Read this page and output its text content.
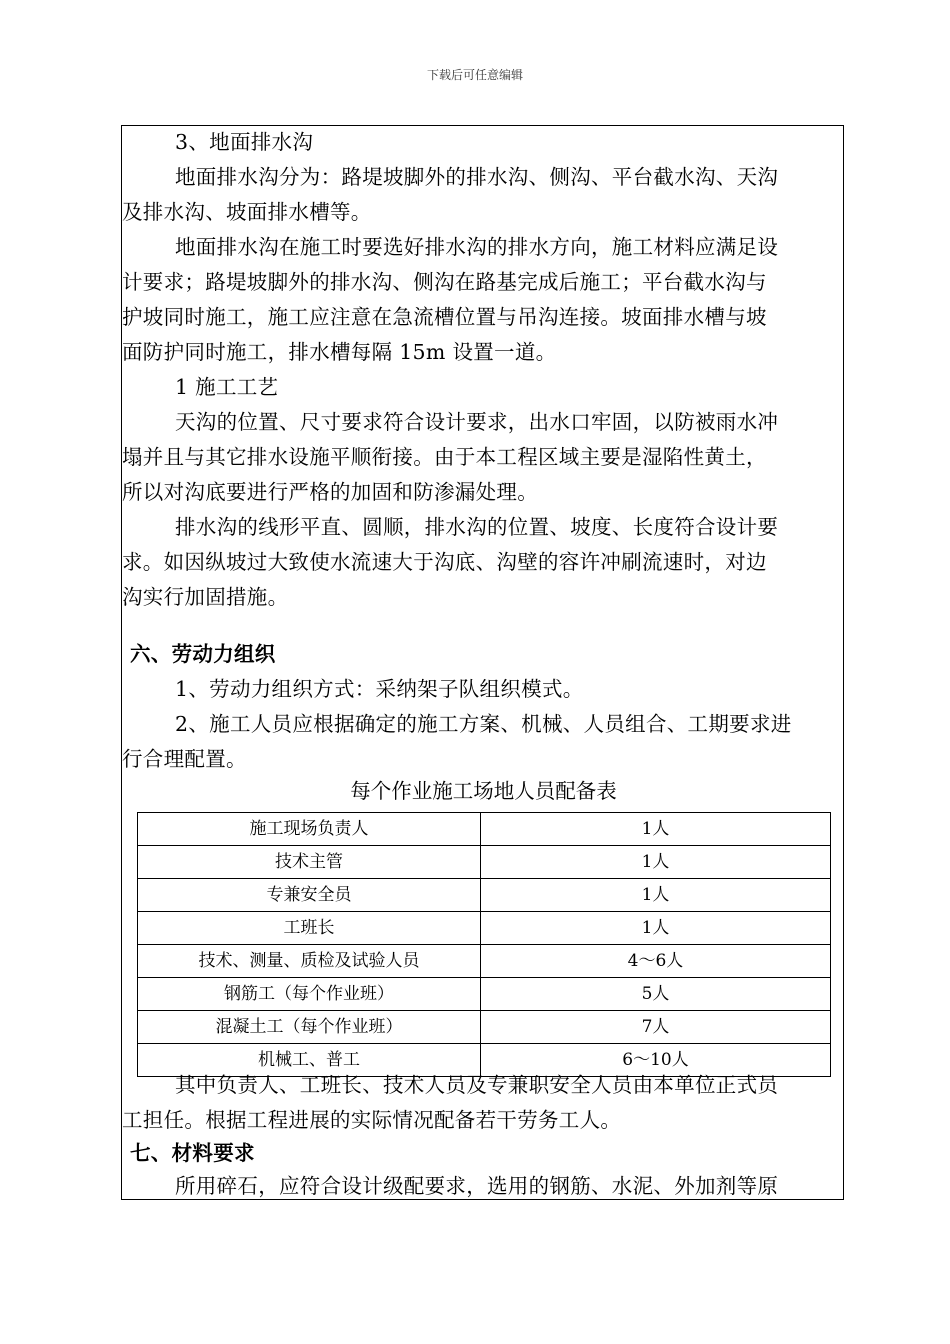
下载后可任意编辑
3、地面排水沟
地面排水沟分为：路堤坡脚外的排水沟、侧沟、平台截水沟、天沟
及排水沟、坡面排水槽等。
地面排水沟在施工时要选好排水沟的排水方向，施工材料应满足设
计要求；路堤坡脚外的排水沟、侧沟在路基完成后施工；平台截水沟与
护坡同时施工，施工应注意在急流槽位置与吊沟连接。坡面排水槽与坡
面防护同时施工，排水槽每隔 15m 设置一道。
1 施工工艺
天沟的位置、尺寸要求符合设计要求，出水口牢固，以防被雨水冲
塌并且与其它排水设施平顺衔接。由于本工程区域主要是湿陷性黄土，
所以对沟底要进行严格的加固和防渗漏处理。
排水沟的线形平直、圆顺，排水沟的位置、坡度、长度符合设计要
求。如因纵坡过大致使水流速大于沟底、沟壁的容许冲刷流速时，对边
沟实行加固措施。
六、劳动力组织
1、劳动力组织方式：采纳架子队组织模式。
2、施工人员应根据确定的施工方案、机械、人员组合、工期要求进
行合理配置。
每个作业施工场地人员配备表
施工现场负责人	1人
技术主管	1人
专兼安全员	1人
工班长	1人
技术、测量、质检及试验人员	4～6人
钢筋工（每个作业班）	5人
混凝土工（每个作业班）	7人
机械工、普工	6～10人
其中负责人、工班长、技术人员及专兼职安全人员由本单位正式员
工担任。根据工程进展的实际情况配备若干劳务工人。
七、材料要求
所用碎石，应符合设计级配要求，选用的钢筋、水泥、外加剂等原
